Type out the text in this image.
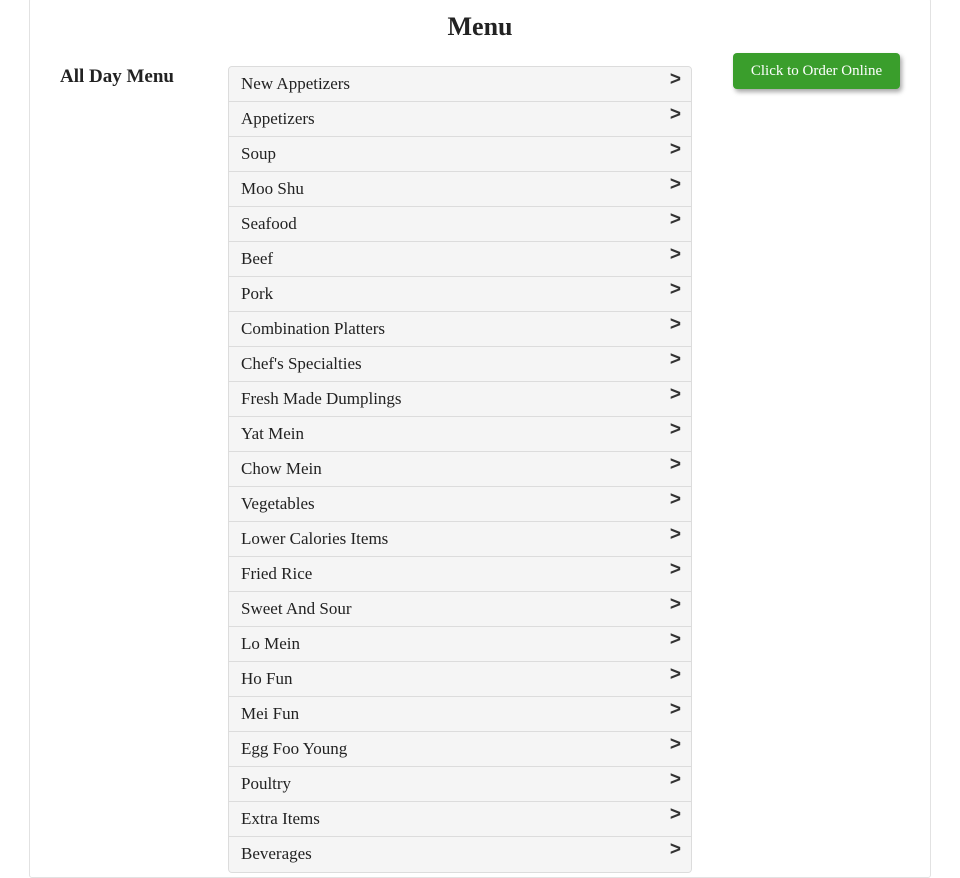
Menu
All Day Menu	New Appetizers	>
Appetizers	>
Soup	>
Moo Shu	>
Seafood	>
Beef	>
Pork	>
Combination Platters	>
Chef's Specialties	>
Fresh Made Dumplings	>
Yat Mein	>
Chow Mein	>
Vegetables	>
Lower Calories Items	>
Fried Rice	>
Sweet And Sour	>
Lo Mein	>
Ho Fun	>
Mei Fun	>
Egg Foo Young	>
Poultry	>
Extra Items	>
Beverages	>
Click to Order Online
